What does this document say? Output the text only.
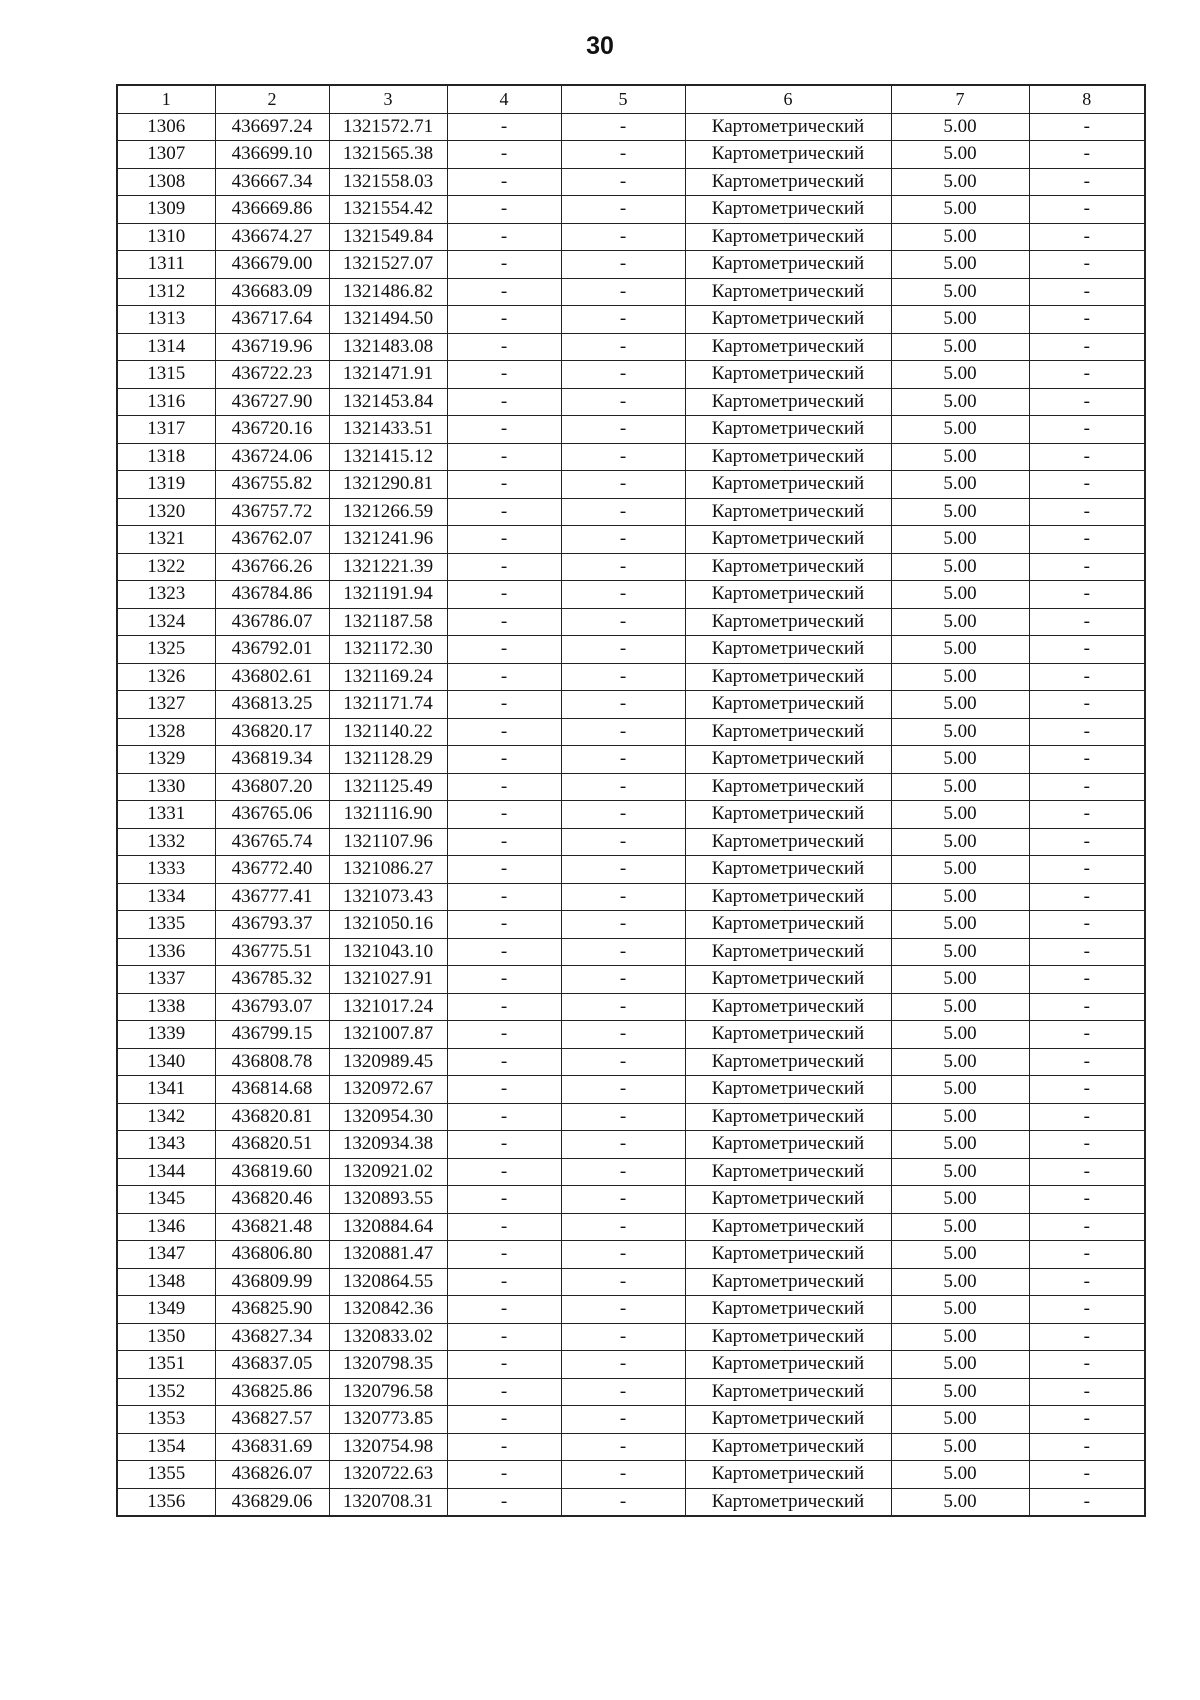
30
1	2	3	4	5	6	7	8
1306	436697.24	1321572.71	-	-	Картометрический	5.00	-
1307	436699.10	1321565.38	-	-	Картометрический	5.00	-
1308	436667.34	1321558.03	-	-	Картометрический	5.00	-
1309	436669.86	1321554.42	-	-	Картометрический	5.00	-
1310	436674.27	1321549.84	-	-	Картометрический	5.00	-
1311	436679.00	1321527.07	-	-	Картометрический	5.00	-
1312	436683.09	1321486.82	-	-	Картометрический	5.00	-
1313	436717.64	1321494.50	-	-	Картометрический	5.00	-
1314	436719.96	1321483.08	-	-	Картометрический	5.00	-
1315	436722.23	1321471.91	-	-	Картометрический	5.00	-
1316	436727.90	1321453.84	-	-	Картометрический	5.00	-
1317	436720.16	1321433.51	-	-	Картометрический	5.00	-
1318	436724.06	1321415.12	-	-	Картометрический	5.00	-
1319	436755.82	1321290.81	-	-	Картометрический	5.00	-
1320	436757.72	1321266.59	-	-	Картометрический	5.00	-
1321	436762.07	1321241.96	-	-	Картометрический	5.00	-
1322	436766.26	1321221.39	-	-	Картометрический	5.00	-
1323	436784.86	1321191.94	-	-	Картометрический	5.00	-
1324	436786.07	1321187.58	-	-	Картометрический	5.00	-
1325	436792.01	1321172.30	-	-	Картометрический	5.00	-
1326	436802.61	1321169.24	-	-	Картометрический	5.00	-
1327	436813.25	1321171.74	-	-	Картометрический	5.00	-
1328	436820.17	1321140.22	-	-	Картометрический	5.00	-
1329	436819.34	1321128.29	-	-	Картометрический	5.00	-
1330	436807.20	1321125.49	-	-	Картометрический	5.00	-
1331	436765.06	1321116.90	-	-	Картометрический	5.00	-
1332	436765.74	1321107.96	-	-	Картометрический	5.00	-
1333	436772.40	1321086.27	-	-	Картометрический	5.00	-
1334	436777.41	1321073.43	-	-	Картометрический	5.00	-
1335	436793.37	1321050.16	-	-	Картометрический	5.00	-
1336	436775.51	1321043.10	-	-	Картометрический	5.00	-
1337	436785.32	1321027.91	-	-	Картометрический	5.00	-
1338	436793.07	1321017.24	-	-	Картометрический	5.00	-
1339	436799.15	1321007.87	-	-	Картометрический	5.00	-
1340	436808.78	1320989.45	-	-	Картометрический	5.00	-
1341	436814.68	1320972.67	-	-	Картометрический	5.00	-
1342	436820.81	1320954.30	-	-	Картометрический	5.00	-
1343	436820.51	1320934.38	-	-	Картометрический	5.00	-
1344	436819.60	1320921.02	-	-	Картометрический	5.00	-
1345	436820.46	1320893.55	-	-	Картометрический	5.00	-
1346	436821.48	1320884.64	-	-	Картометрический	5.00	-
1347	436806.80	1320881.47	-	-	Картометрический	5.00	-
1348	436809.99	1320864.55	-	-	Картометрический	5.00	-
1349	436825.90	1320842.36	-	-	Картометрический	5.00	-
1350	436827.34	1320833.02	-	-	Картометрический	5.00	-
1351	436837.05	1320798.35	-	-	Картометрический	5.00	-
1352	436825.86	1320796.58	-	-	Картометрический	5.00	-
1353	436827.57	1320773.85	-	-	Картометрический	5.00	-
1354	436831.69	1320754.98	-	-	Картометрический	5.00	-
1355	436826.07	1320722.63	-	-	Картометрический	5.00	-
1356	436829.06	1320708.31	-	-	Картометрический	5.00	-
